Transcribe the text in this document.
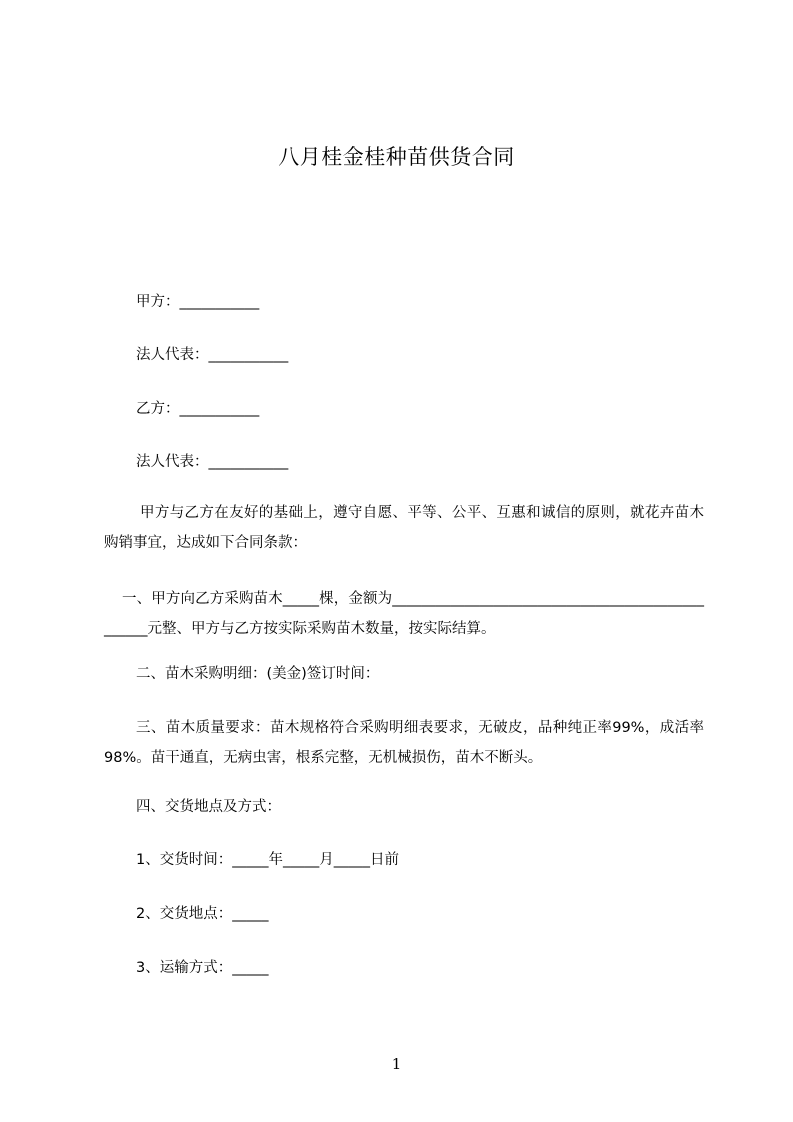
八月桂金桂种苗供货合同
甲方：___________
法人代表：___________
乙方：___________
法人代表：___________
甲方与乙方在友好的基础上，遵守自愿、平等、公平、互惠和诚信的原则，就花卉苗木购销事宜，达成如下合同条款：
一、甲方向乙方采购苗木_____棵，金额为_________________________________________________元整、甲方与乙方按实际采购苗木数量，按实际结算。
二、苗木采购明细：(美金)签订时间：
三、苗木质量要求：苗木规格符合采购明细表要求，无破皮，品种纯正率99%，成活率98%。苗干通直，无病虫害，根系完整，无机械损伤，苗木不断头。
四、交货地点及方式：
1、交货时间：_____年_____月_____日前
2、交货地点：_____
3、运输方式：_____
1
